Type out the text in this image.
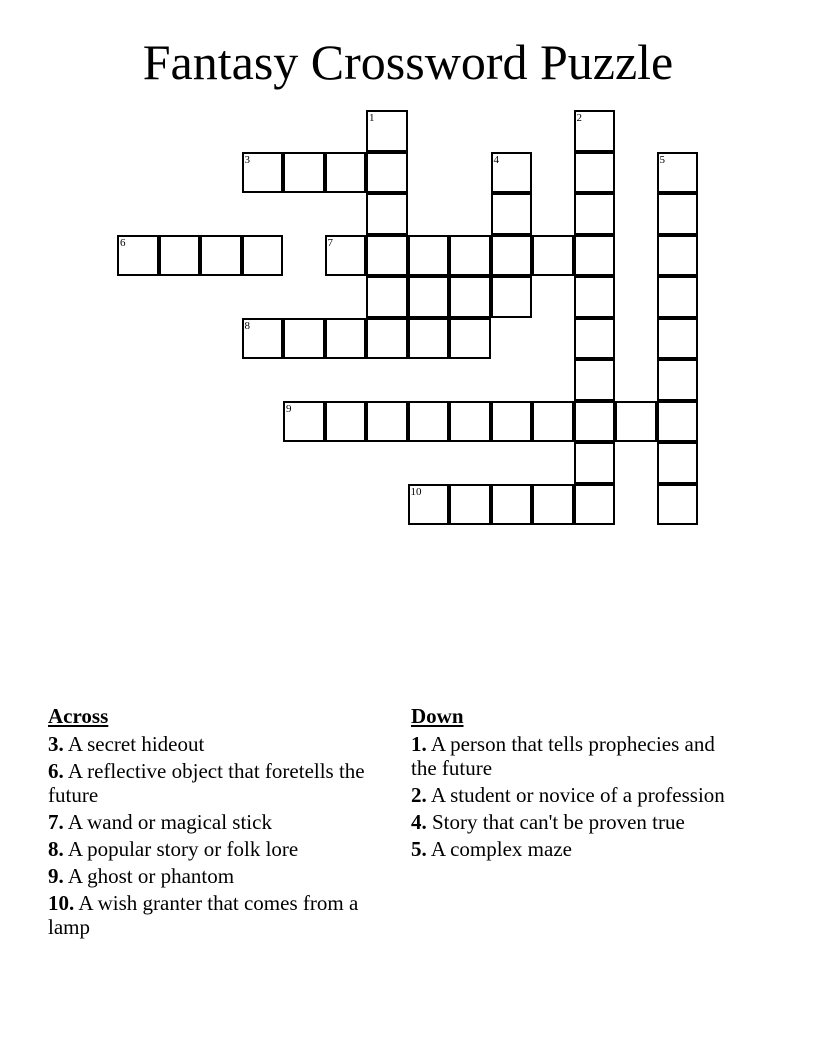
Fantasy Crossword Puzzle
1	2
3	4	5
6	7
8
9
10
Across
3. A secret hideout
6. A reflective object that foretells the future
7. A wand or magical stick
8. A popular story or folk lore
9. A ghost or phantom
10. A wish granter that comes from a lamp
Down
1. A person that tells prophecies and the future
2. A student or novice of a profession
4. Story that can't be proven true
5. A complex maze
